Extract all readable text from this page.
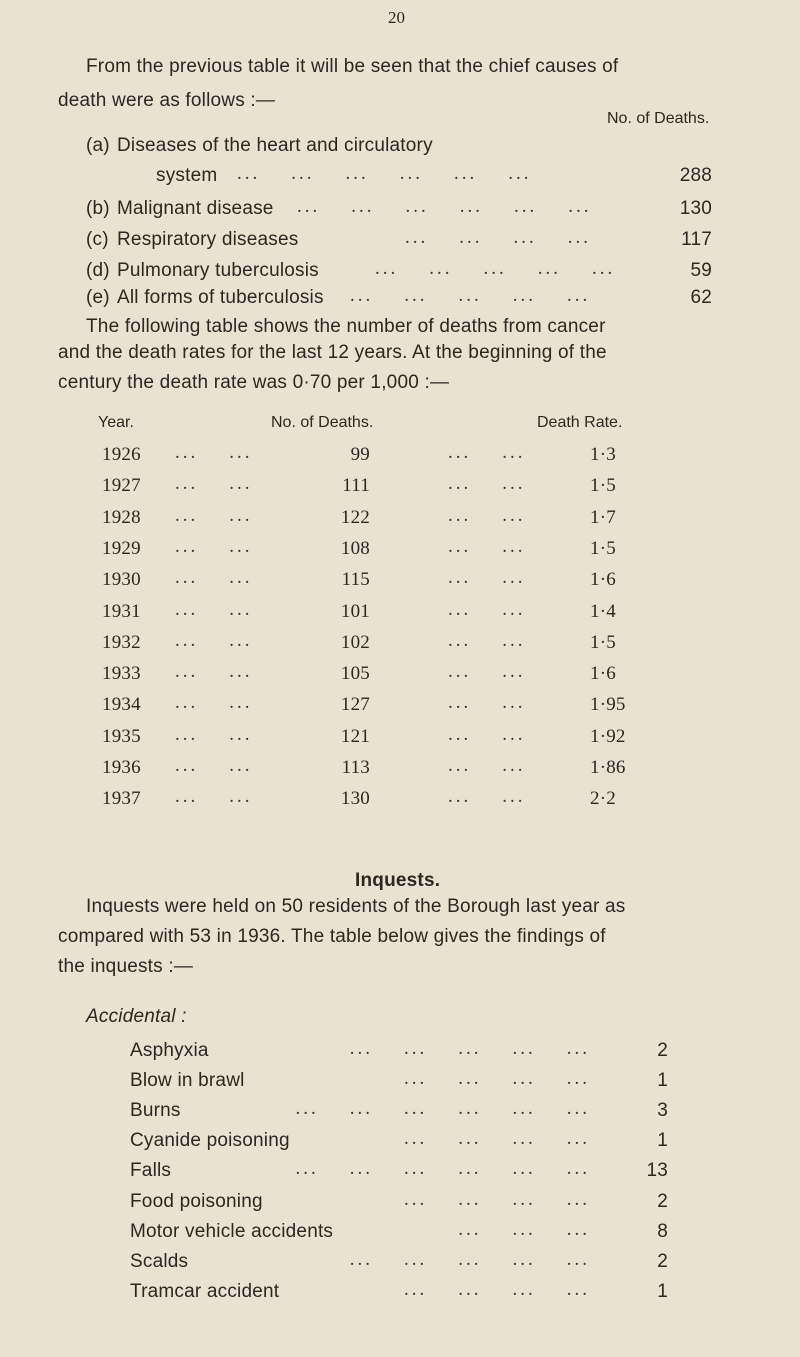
20
From the previous table it will be seen that the chief causes of
death were as follows :—
No. of Deaths.
(a) Diseases of the heart and circulatory
system ...    ...    ...    ...    ...    ...	288
(b) Malignant disease ...    ...    ...    ...    ...    ...	130
(c) Respiratory diseases	...    ...    ...    ...	117
(d) Pulmonary tuberculosis	...    ...    ...    ...    ...	59
(e) All forms of tuberculosis ...    ...    ...    ...    ...	62
The following table shows the number of deaths from cancer
and the death rates for the last 12 years. At the beginning of the
century the death rate was 0·70 per 1,000 :—
Year.	No. of Deaths.	Death Rate.
1926 ...    ...	99	...    ...	1·3
1927 ...    ...	111	...    ...	1·5
1928 ...    ...	122	...    ...	1·7
1929 ...    ...	108	...    ...	1·5
1930 ...    ...	115	...    ...	1·6
1931 ...    ...	101	...    ...	1·4
1932 ...    ...	102	...    ...	1·5
1933 ...    ...	105	...    ...	1·6
1934 ...    ...	127	...    ...	1·95
1935 ...    ...	121	...    ...	1·92
1936 ...    ...	113	...    ...	1·86
1937 ...    ...	130	...    ...	2·2
Inquests.
Inquests were held on 50 residents of the Borough last year as
compared with 53 in 1936. The table below gives the findings of
the inquests :—
Accidental :
Asphyxia	...    ...    ...    ...    ...	2
Blow in brawl	...    ...    ...    ...	1
Burns	...    ...    ...    ...    ...    ...	3
Cyanide poisoning	...    ...    ...    ...	1
Falls	...    ...    ...    ...    ...    ...	13
Food poisoning	...    ...    ...    ...	2
Motor vehicle accidents	...    ...    ...	8
Scalds	...    ...    ...    ...    ...	2
Tramcar accident	...    ...    ...    ...	1
